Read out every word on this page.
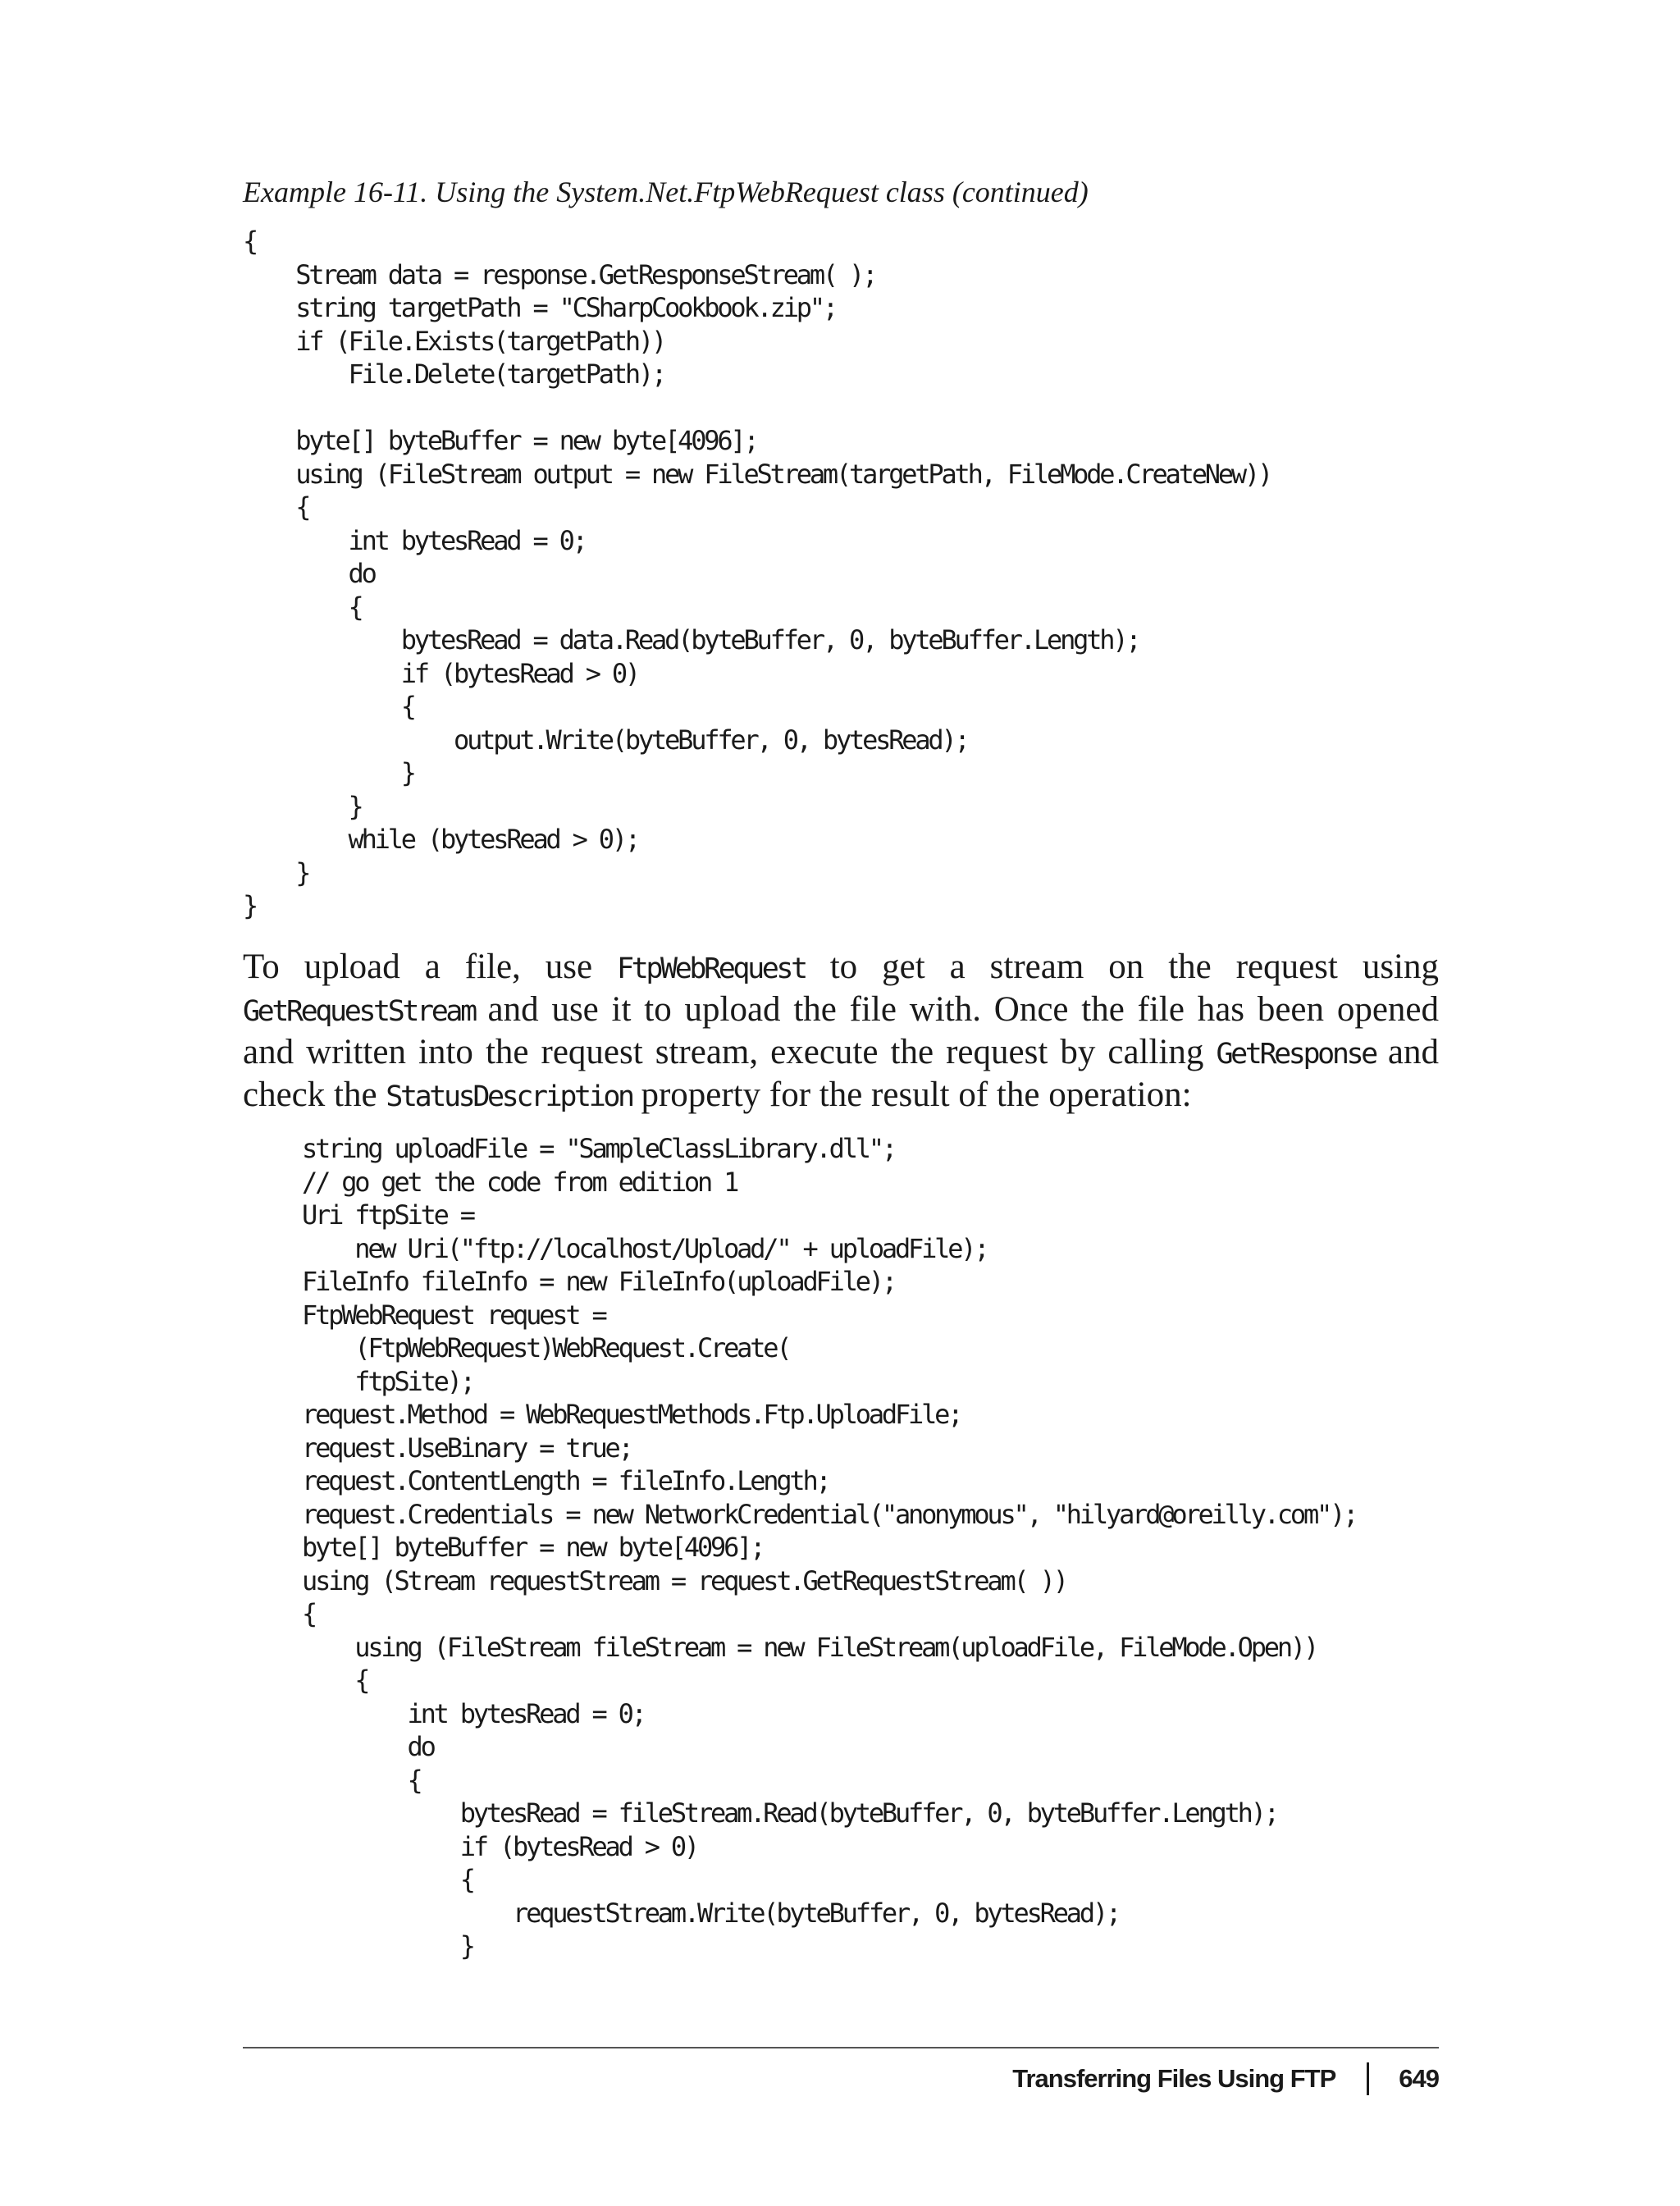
Example 16-11. Using the System.Net.FtpWebRequest class (continued)
{
Stream data = response.GetResponseStream( );
string targetPath = "CSharpCookbook.zip";
if (File.Exists(targetPath))
File.Delete(targetPath);
byte[] byteBuffer = new byte[4096];
using (FileStream output = new FileStream(targetPath, FileMode.CreateNew))
{
int bytesRead = 0;
do
{
bytesRead = data.Read(byteBuffer, 0, byteBuffer.Length);
if (bytesRead > 0)
{
output.Write(byteBuffer, 0, bytesRead);
}
}
while (bytesRead > 0);
}
}

To upload a file, use FtpWebRequest to get a stream on the request using GetRequestStream and use it to upload the file with. Once the file has been opened and written into the request stream, execute the request by calling GetResponse and check the StatusDescription property for the result of the operation:

string uploadFile = "SampleClassLibrary.dll";
// go get the code from edition 1
Uri ftpSite =
new Uri("ftp://localhost/Upload/" + uploadFile);
FileInfo fileInfo = new FileInfo(uploadFile);
FtpWebRequest request =
(FtpWebRequest)WebRequest.Create(
ftpSite);
request.Method = WebRequestMethods.Ftp.UploadFile;
request.UseBinary = true;
request.ContentLength = fileInfo.Length;
request.Credentials = new NetworkCredential("anonymous", "hilyard@oreilly.com");
byte[] byteBuffer = new byte[4096];
using (Stream requestStream = request.GetRequestStream( ))
{
using (FileStream fileStream = new FileStream(uploadFile, FileMode.Open))
{
int bytesRead = 0;
do
{
bytesRead = fileStream.Read(byteBuffer, 0, byteBuffer.Length);
if (bytesRead > 0)
{
requestStream.Write(byteBuffer, 0, bytesRead);
}
Transferring Files Using FTP 649
